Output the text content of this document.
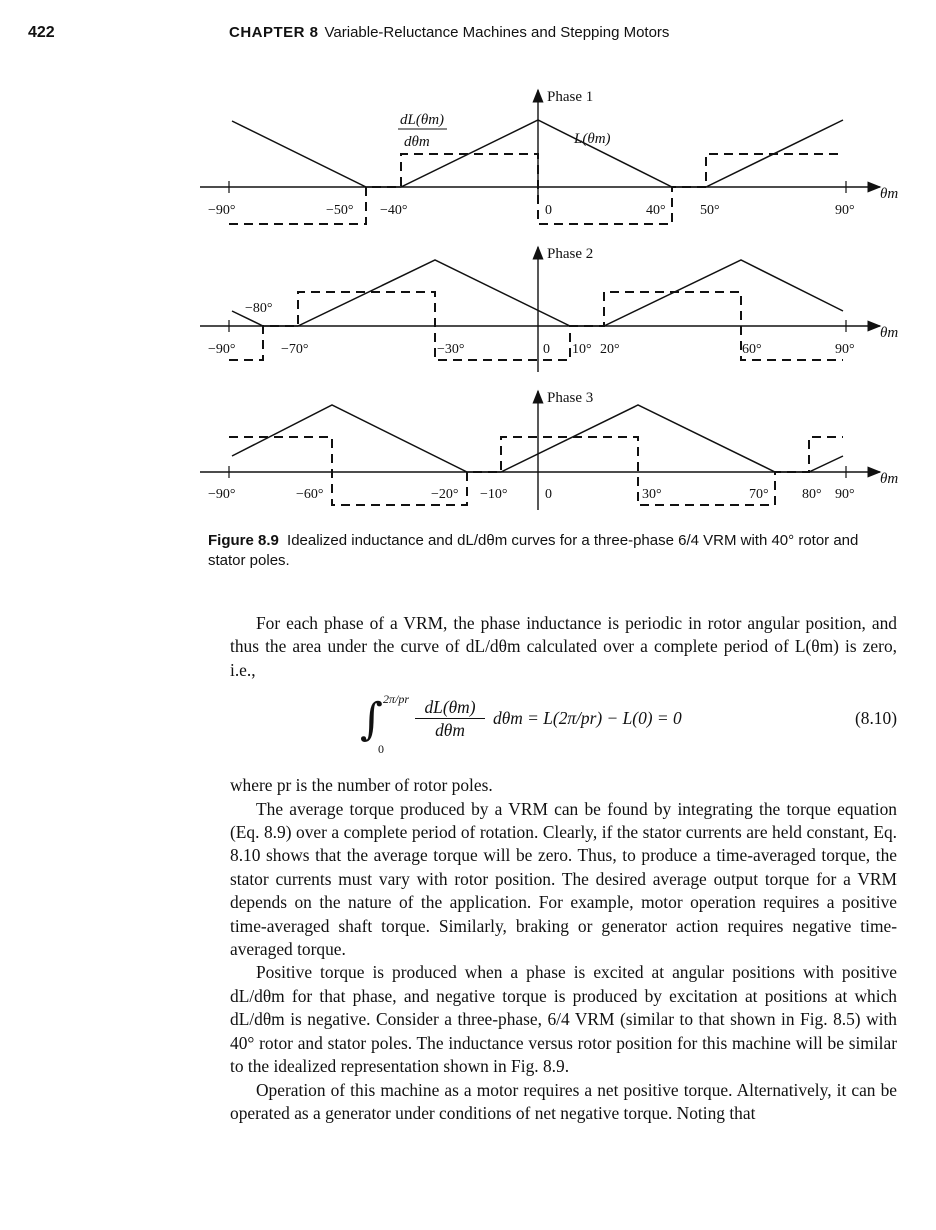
422	CHAPTER 8 Variable-Reluctance Machines and Stepping Motors
Phase 1
dL(θm)
dθm	L(θm)
−90°	−50° −40°	0	40° 50°	90°
θm
Phase 2
−80°
−90°	−70°	−30°	0 10° 20°	60°	90°
θm
Phase 3
−90°	−60°	−20° −10°	0	30°	70° 80° 90°
θm
Figure 8.9 Idealized inductance and dL/dθm curves for a three-phase 6/4 VRM with 40° rotor and stator poles.

For each phase of a VRM, the phase inductance is periodic in rotor angular position, and thus the area under the curve of dL/dθm calculated over a complete period of L(θm) is zero, i.e.,

∫ 2π/pr
0
dL(θm)
dθm
dθm = L(2π/pr) − L(0) = 0	(8.10)

where pr is the number of rotor poles.

The average torque produced by a VRM can be found by integrating the torque equation (Eq. 8.9) over a complete period of rotation. Clearly, if the stator currents are held constant, Eq. 8.10 shows that the average torque will be zero. Thus, to produce a time-averaged torque, the stator currents must vary with rotor position. The desired average output torque for a VRM depends on the nature of the application. For example, motor operation requires a positive time-averaged shaft torque. Similarly, braking or generator action requires negative time-averaged torque.

Positive torque is produced when a phase is excited at angular positions with positive dL/dθm for that phase, and negative torque is produced by excitation at positions at which dL/dθm is negative. Consider a three-phase, 6/4 VRM (similar to that shown in Fig. 8.5) with 40° rotor and stator poles. The inductance versus rotor position for this machine will be similar to the idealized representation shown in Fig. 8.9.

Operation of this machine as a motor requires a net positive torque. Alternatively, it can be operated as a generator under conditions of net negative torque. Noting that
